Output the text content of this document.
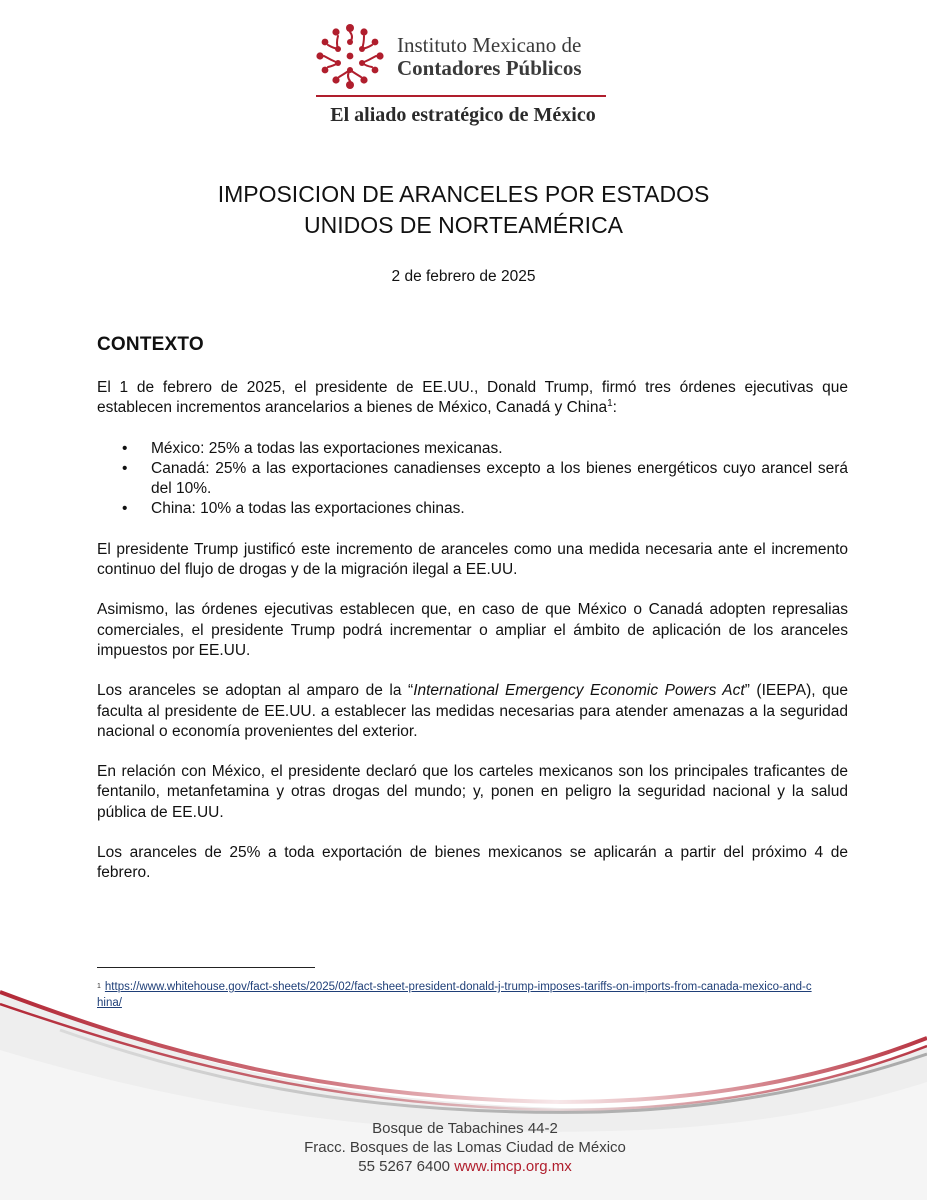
Instituto Mexicano de
Contadores Públicos
El aliado estratégico de México
IMPOSICION DE ARANCELES POR ESTADOS
UNIDOS DE NORTEAMÉRICA
2 de febrero de 2025
CONTEXTO

El 1 de febrero de 2025, el presidente de EE.UU., Donald Trump, firmó tres órdenes ejecutivas que establecen incrementos arancelarios a bienes de México, Canadá y China$^1$:

• México: 25% a todas las exportaciones mexicanas.
• Canadá: 25% a las exportaciones canadienses excepto a los bienes energéticos cuyo arancel será del 10%.
• China: 10% a todas las exportaciones chinas.

El presidente Trump justificó este incremento de aranceles como una medida necesaria ante el incremento continuo del flujo de drogas y de la migración ilegal a EE.UU.

Asimismo, las órdenes ejecutivas establecen que, en caso de que México o Canadá adopten represalias comerciales, el presidente Trump podrá incrementar o ampliar el ámbito de aplicación de los aranceles impuestos por EE.UU.

Los aranceles se adoptan al amparo de la “International Emergency Economic Powers Act” (IEEPA), que faculta al presidente de EE.UU. a establecer las medidas necesarias para atender amenazas a la seguridad nacional o economía provenientes del exterior.

En relación con México, el presidente declaró que los carteles mexicanos son los principales traficantes de fentanilo, metanfetamina y otras drogas del mundo; y, ponen en peligro la seguridad nacional y la salud pública de EE.UU.

Los aranceles de 25% a toda exportación de bienes mexicanos se aplicarán a partir del próximo 4 de febrero.

$^1$ https://www.whitehouse.gov/fact-sheets/2025/02/fact-sheet-president-donald-j-trump-imposes-tariffs-on-imports-from-canada-mexico-and-china/
Bosque de Tabachines 44-2
Fracc. Bosques de las Lomas Ciudad de México
55 5267 6400 www.imcp.org.mx
